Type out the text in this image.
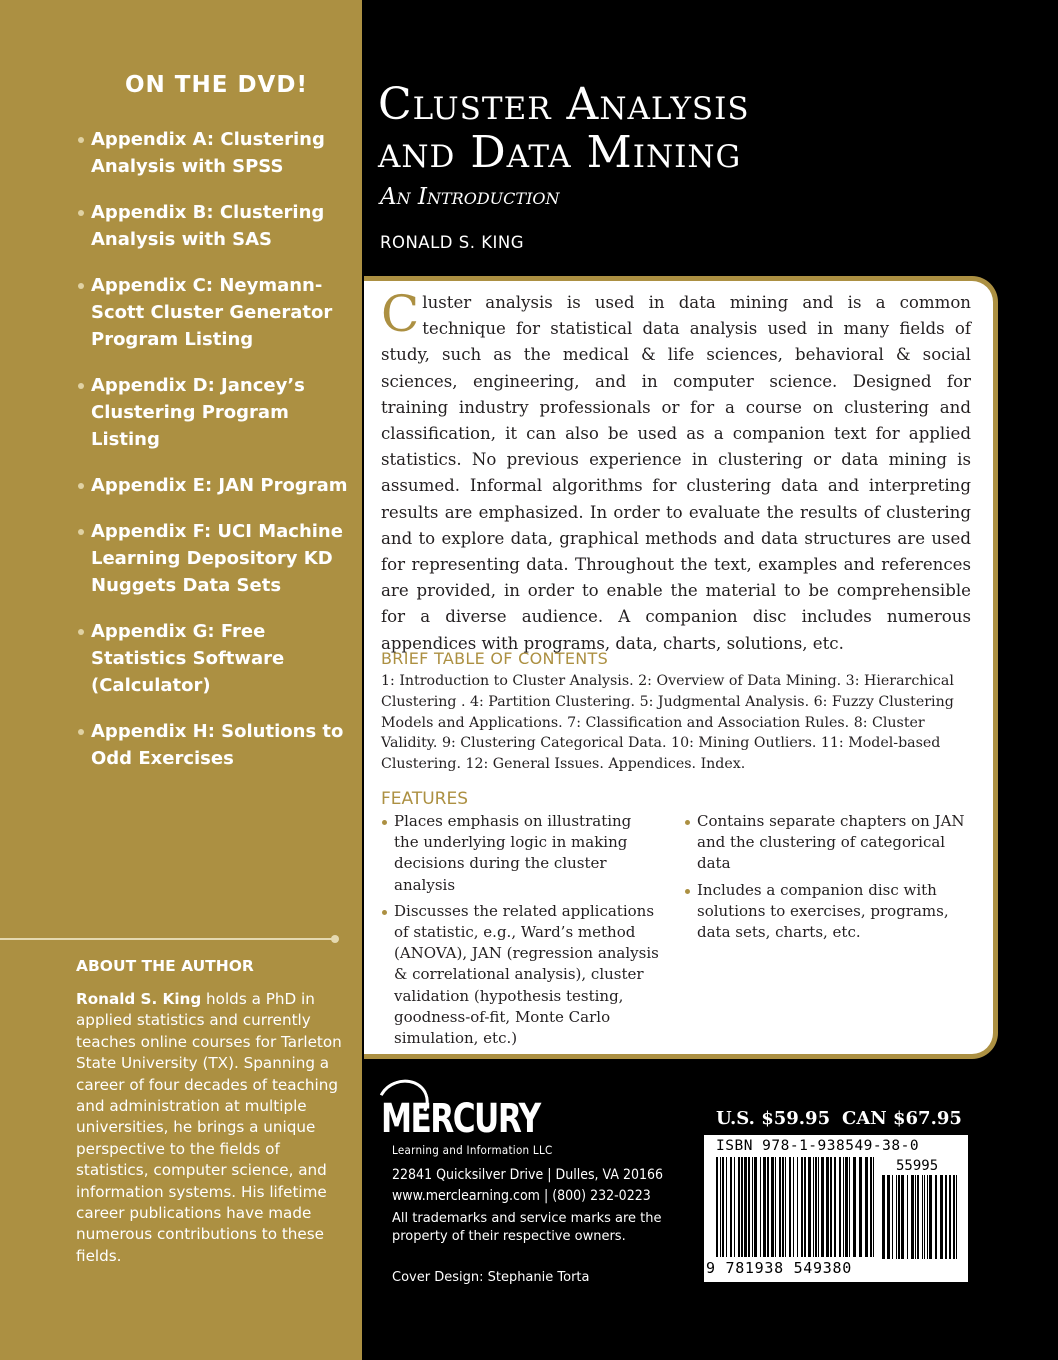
ON THE DVD!
Appendix A: Clustering Analysis with SPSS
Appendix B: Clustering Analysis with SAS
Appendix C: Neymann-Scott Cluster Generator Program Listing
Appendix D: Jancey’s Clustering Program Listing
Appendix E: JAN Program
Appendix F: UCI Machine Learning Depository KD Nuggets Data Sets
Appendix G: Free Statistics Software (Calculator)
Appendix H: Solutions to Odd Exercises
ABOUT THE AUTHOR
Ronald S. King holds a PhD in applied statistics and currently teaches online courses for Tarleton State University (TX). Spanning a career of four decades of teaching and administration at multiple universities, he brings a unique perspective to the fields of statistics, computer science, and information systems. His lifetime career publications have made numerous contributions to these fields.
Cluster Analysis
and Data Mining
An Introduction
RONALD S. KING
Cluster analysis is used in data mining and is a common technique for statistical data analysis used in many fields of study, such as the medical & life sciences, behavioral & social sciences, engineering, and in computer science. Designed for training industry professionals or for a course on clustering and classification, it can also be used as a companion text for applied statistics. No previous experience in clustering or data mining is assumed. Informal algorithms for clustering data and interpreting results are emphasized. In order to evaluate the results of clustering and to explore data, graphical methods and data structures are used for representing data. Throughout the text, examples and references are provided, in order to enable the material to be comprehensible for a diverse audience. A companion disc includes numerous appendices with programs, data, charts, solutions, etc.
BRIEF TABLE OF CONTENTS
1: Introduction to Cluster Analysis. 2: Overview of Data Mining. 3: Hierarchical Clustering . 4: Partition Clustering. 5: Judgmental Analysis. 6: Fuzzy Clustering Models and Applications. 7: Classification and Association Rules. 8: Cluster Validity. 9: Clustering Categorical Data. 10: Mining Outliers. 11: Model-based Clustering. 12: General Issues. Appendices. Index.
FEATURES
Places emphasis on illustrating the underlying logic in making decisions during the cluster analysis
Discusses the related applications of statistic, e.g., Ward’s method (ANOVA), JAN (regression analysis & correlational analysis), cluster validation (hypothesis testing, goodness-of-fit, Monte Carlo simulation, etc.)
Contains separate chapters on JAN and the clustering of categorical data
Includes a companion disc with solutions to exercises, programs, data sets, charts, etc.
MERCURY
Learning and Information LLC
22841 Quicksilver Drive | Dulles, VA 20166
www.merclearning.com | (800) 232-0223
All trademarks and service marks are the
property of their respective owners.
Cover Design: Stephanie Torta
U.S. $59.95 CAN $67.95
ISBN 978-1-938549-38-0
55995
9 781938 549380
